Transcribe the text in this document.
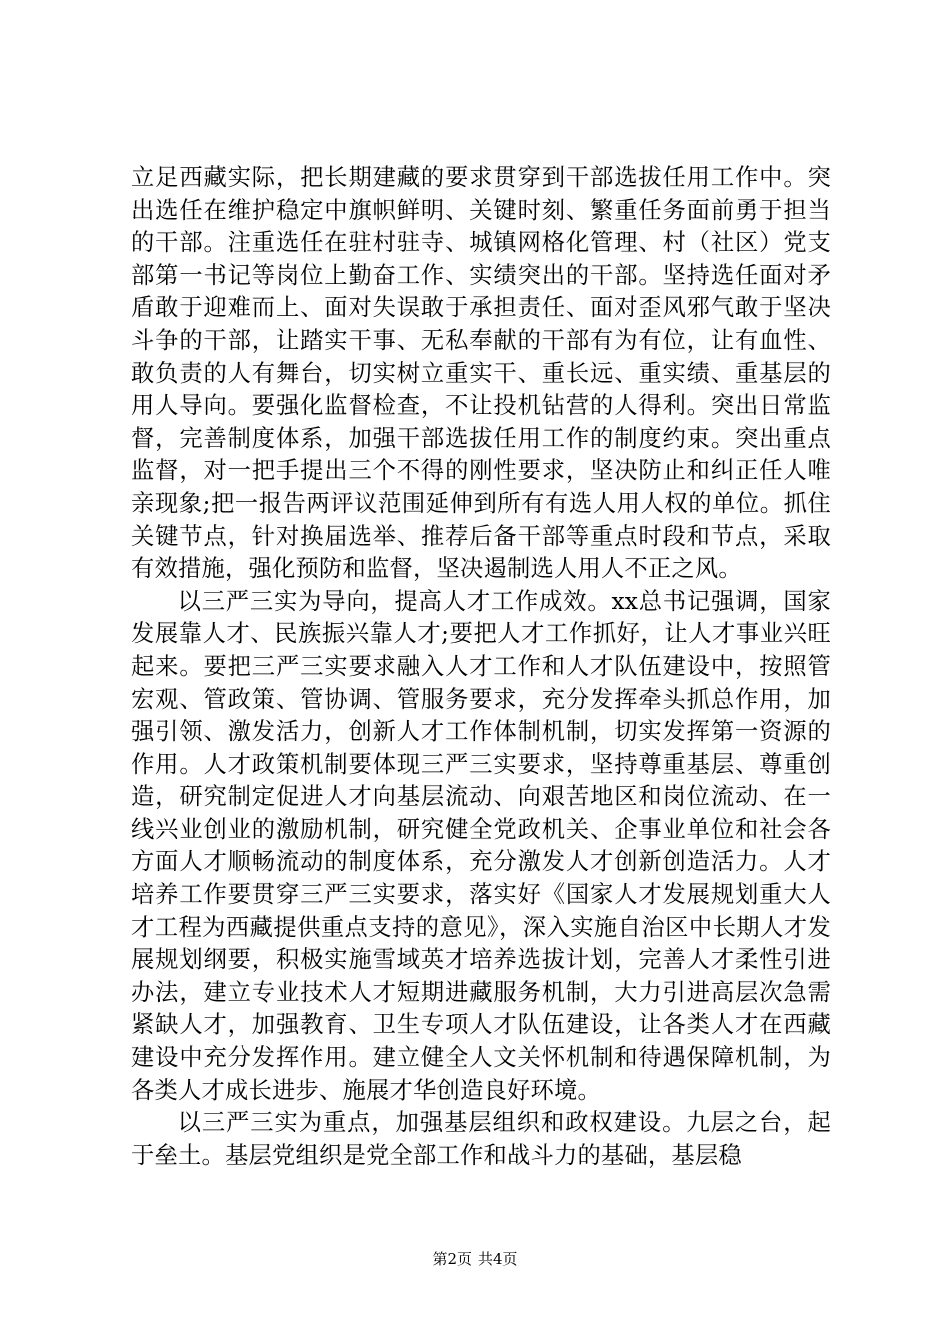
立足西藏实际，把长期建藏的要求贯穿到干部选拔任用工作中。突出选任在维护稳定中旗帜鲜明、关键时刻、繁重任务面前勇于担当的干部。注重选任在驻村驻寺、城镇网格化管理、村（社区）党支部第一书记等岗位上勤奋工作、实绩突出的干部。坚持选任面对矛盾敢于迎难而上、面对失误敢于承担责任、面对歪风邪气敢于坚决斗争的干部，让踏实干事、无私奉献的干部有为有位，让有血性、敢负责的人有舞台，切实树立重实干、重长远、重实绩、重基层的用人导向。要强化监督检查，不让投机钻营的人得利。突出日常监督，完善制度体系，加强干部选拔任用工作的制度约束。突出重点监督，对一把手提出三个不得的刚性要求，坚决防止和纠正任人唯亲现象;把一报告两评议范围延伸到所有有选人用人权的单位。抓住关键节点，针对换届选举、推荐后备干部等重点时段和节点，采取有效措施，强化预防和监督，坚决遏制选人用人不正之风。

以三严三实为导向，提高人才工作成效。xx总书记强调，国家发展靠人才、民族振兴靠人才;要把人才工作抓好，让人才事业兴旺起来。要把三严三实要求融入人才工作和人才队伍建设中，按照管宏观、管政策、管协调、管服务要求，充分发挥牵头抓总作用，加强引领、激发活力，创新人才工作体制机制，切实发挥第一资源的作用。人才政策机制要体现三严三实要求，坚持尊重基层、尊重创造，研究制定促进人才向基层流动、向艰苦地区和岗位流动、在一线兴业创业的激励机制，研究健全党政机关、企事业单位和社会各方面人才顺畅流动的制度体系，充分激发人才创新创造活力。人才培养工作要贯穿三严三实要求，落实好《国家人才发展规划重大人才工程为西藏提供重点支持的意见》，深入实施自治区中长期人才发展规划纲要，积极实施雪域英才培养选拔计划，完善人才柔性引进办法，建立专业技术人才短期进藏服务机制，大力引进高层次急需紧缺人才，加强教育、卫生专项人才队伍建设，让各类人才在西藏建设中充分发挥作用。建立健全人文关怀机制和待遇保障机制，为各类人才成长进步、施展才华创造良好环境。

以三严三实为重点，加强基层组织和政权建设。九层之台，起于垒土。基层党组织是党全部工作和战斗力的基础，基层稳

第2页 共4页
